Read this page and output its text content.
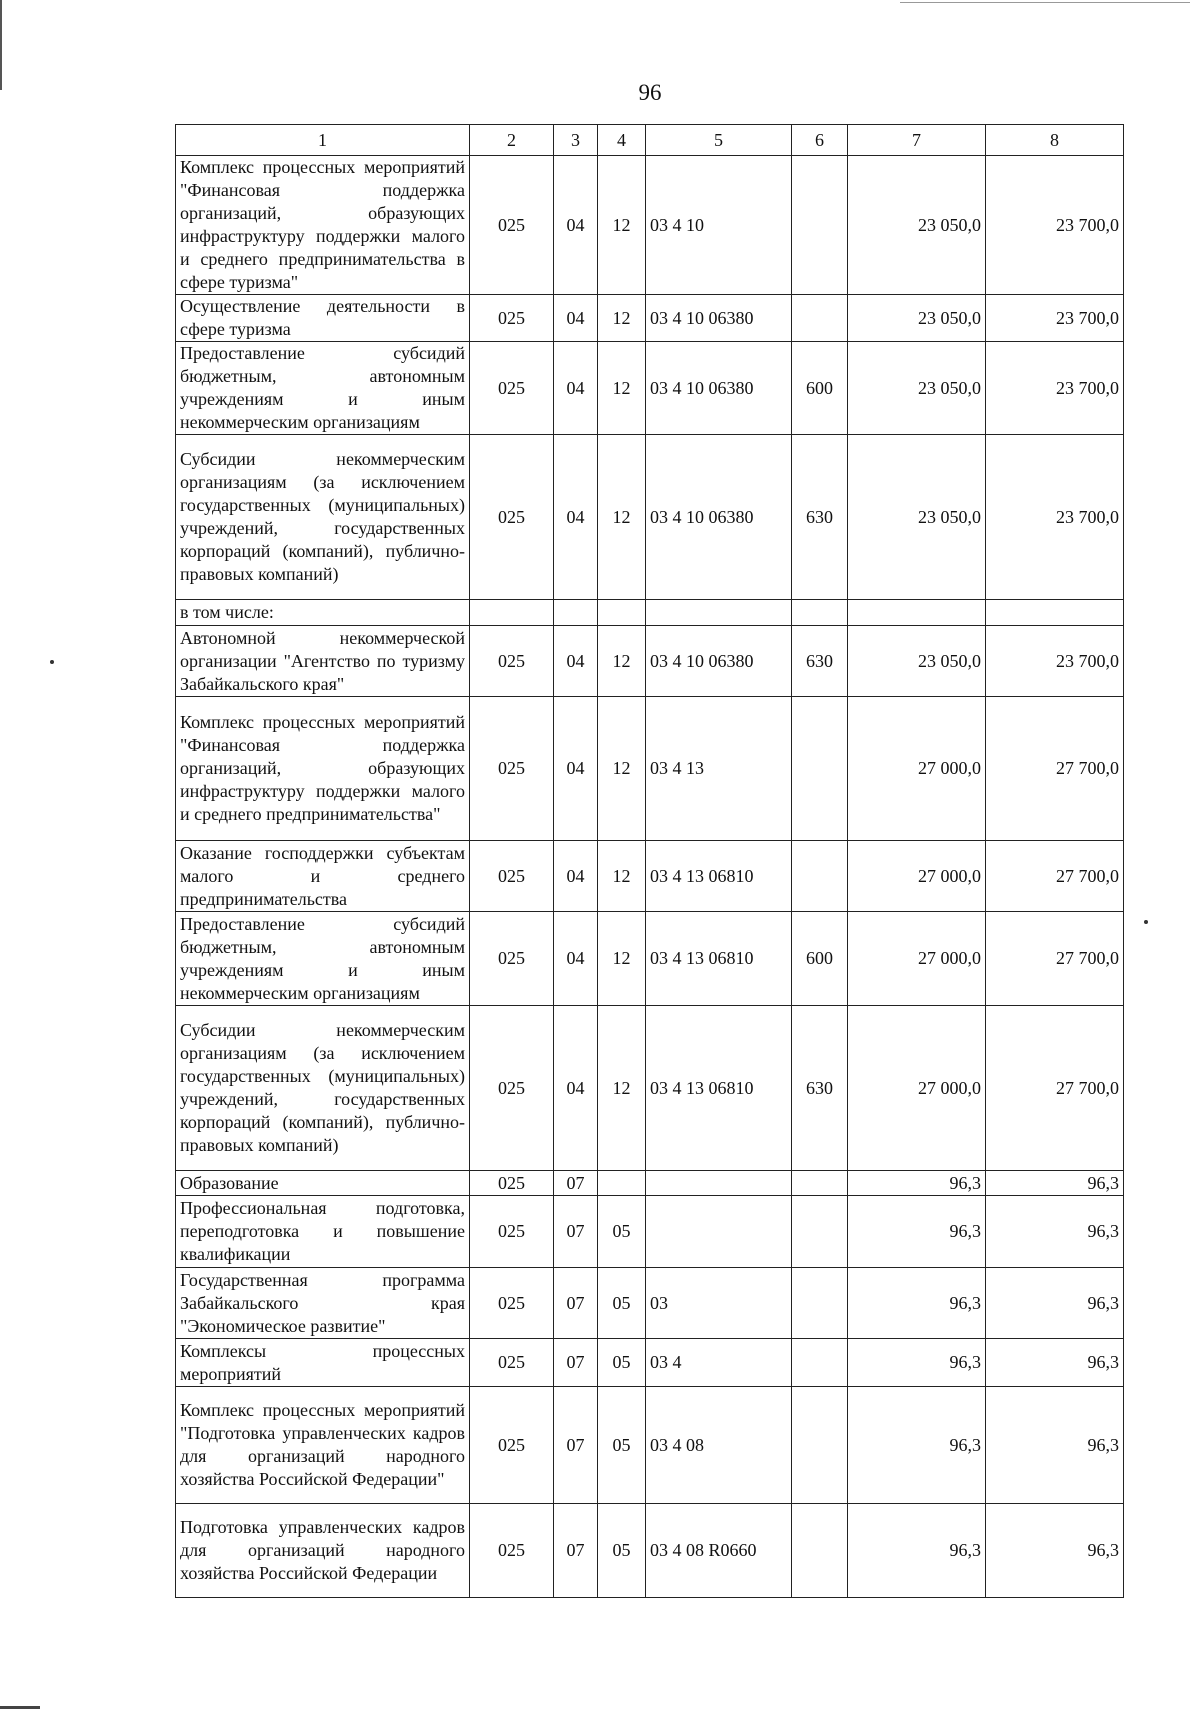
96
1	2	3	4	5	6	7	8
Комплекс процессных мероприятий "Финансовая поддержка организаций, образующих инфраструктуру поддержки малого и среднего предпринимательства в сфере туризма"	025	04	12	03 4 10		23 050,0	23 700,0
Осуществление деятельности в сфере туризма	025	04	12	03 4 10 06380		23 050,0	23 700,0
Предоставление субсидий бюджетным, автономным учреждениям и иным некоммерческим организациям	025	04	12	03 4 10 06380	600	23 050,0	23 700,0
Субсидии некоммерческим организациям (за исключением государственных (муниципальных) учреждений, государственных корпораций (компаний), публично-правовых компаний)	025	04	12	03 4 10 06380	630	23 050,0	23 700,0
в том числе:							
Автономной некоммерческой организации "Агентство по туризму Забайкальского края"	025	04	12	03 4 10 06380	630	23 050,0	23 700,0
Комплекс процессных мероприятий "Финансовая поддержка организаций, образующих инфраструктуру поддержки малого и среднего предпринимательства"	025	04	12	03 4 13		27 000,0	27 700,0
Оказание господдержки субъектам малого и среднего предпринимательства	025	04	12	03 4 13 06810		27 000,0	27 700,0
Предоставление субсидий бюджетным, автономным учреждениям и иным некоммерческим организациям	025	04	12	03 4 13 06810	600	27 000,0	27 700,0
Субсидии некоммерческим организациям (за исключением государственных (муниципальных) учреждений, государственных корпораций (компаний), публично-правовых компаний)	025	04	12	03 4 13 06810	630	27 000,0	27 700,0
Образование	025	07				96,3	96,3
Профессиональная подготовка, переподготовка и повышение квалификации	025	07	05			96,3	96,3
Государственная программа Забайкальского края "Экономическое развитие"	025	07	05	03		96,3	96,3
Комплексы процессных мероприятий	025	07	05	03 4		96,3	96,3
Комплекс процессных мероприятий "Подготовка управленческих кадров для организаций народного хозяйства Российской Федерации"	025	07	05	03 4 08		96,3	96,3
Подготовка управленческих кадров для организаций народного хозяйства Российской Федерации	025	07	05	03 4 08 R0660		96,3	96,3
